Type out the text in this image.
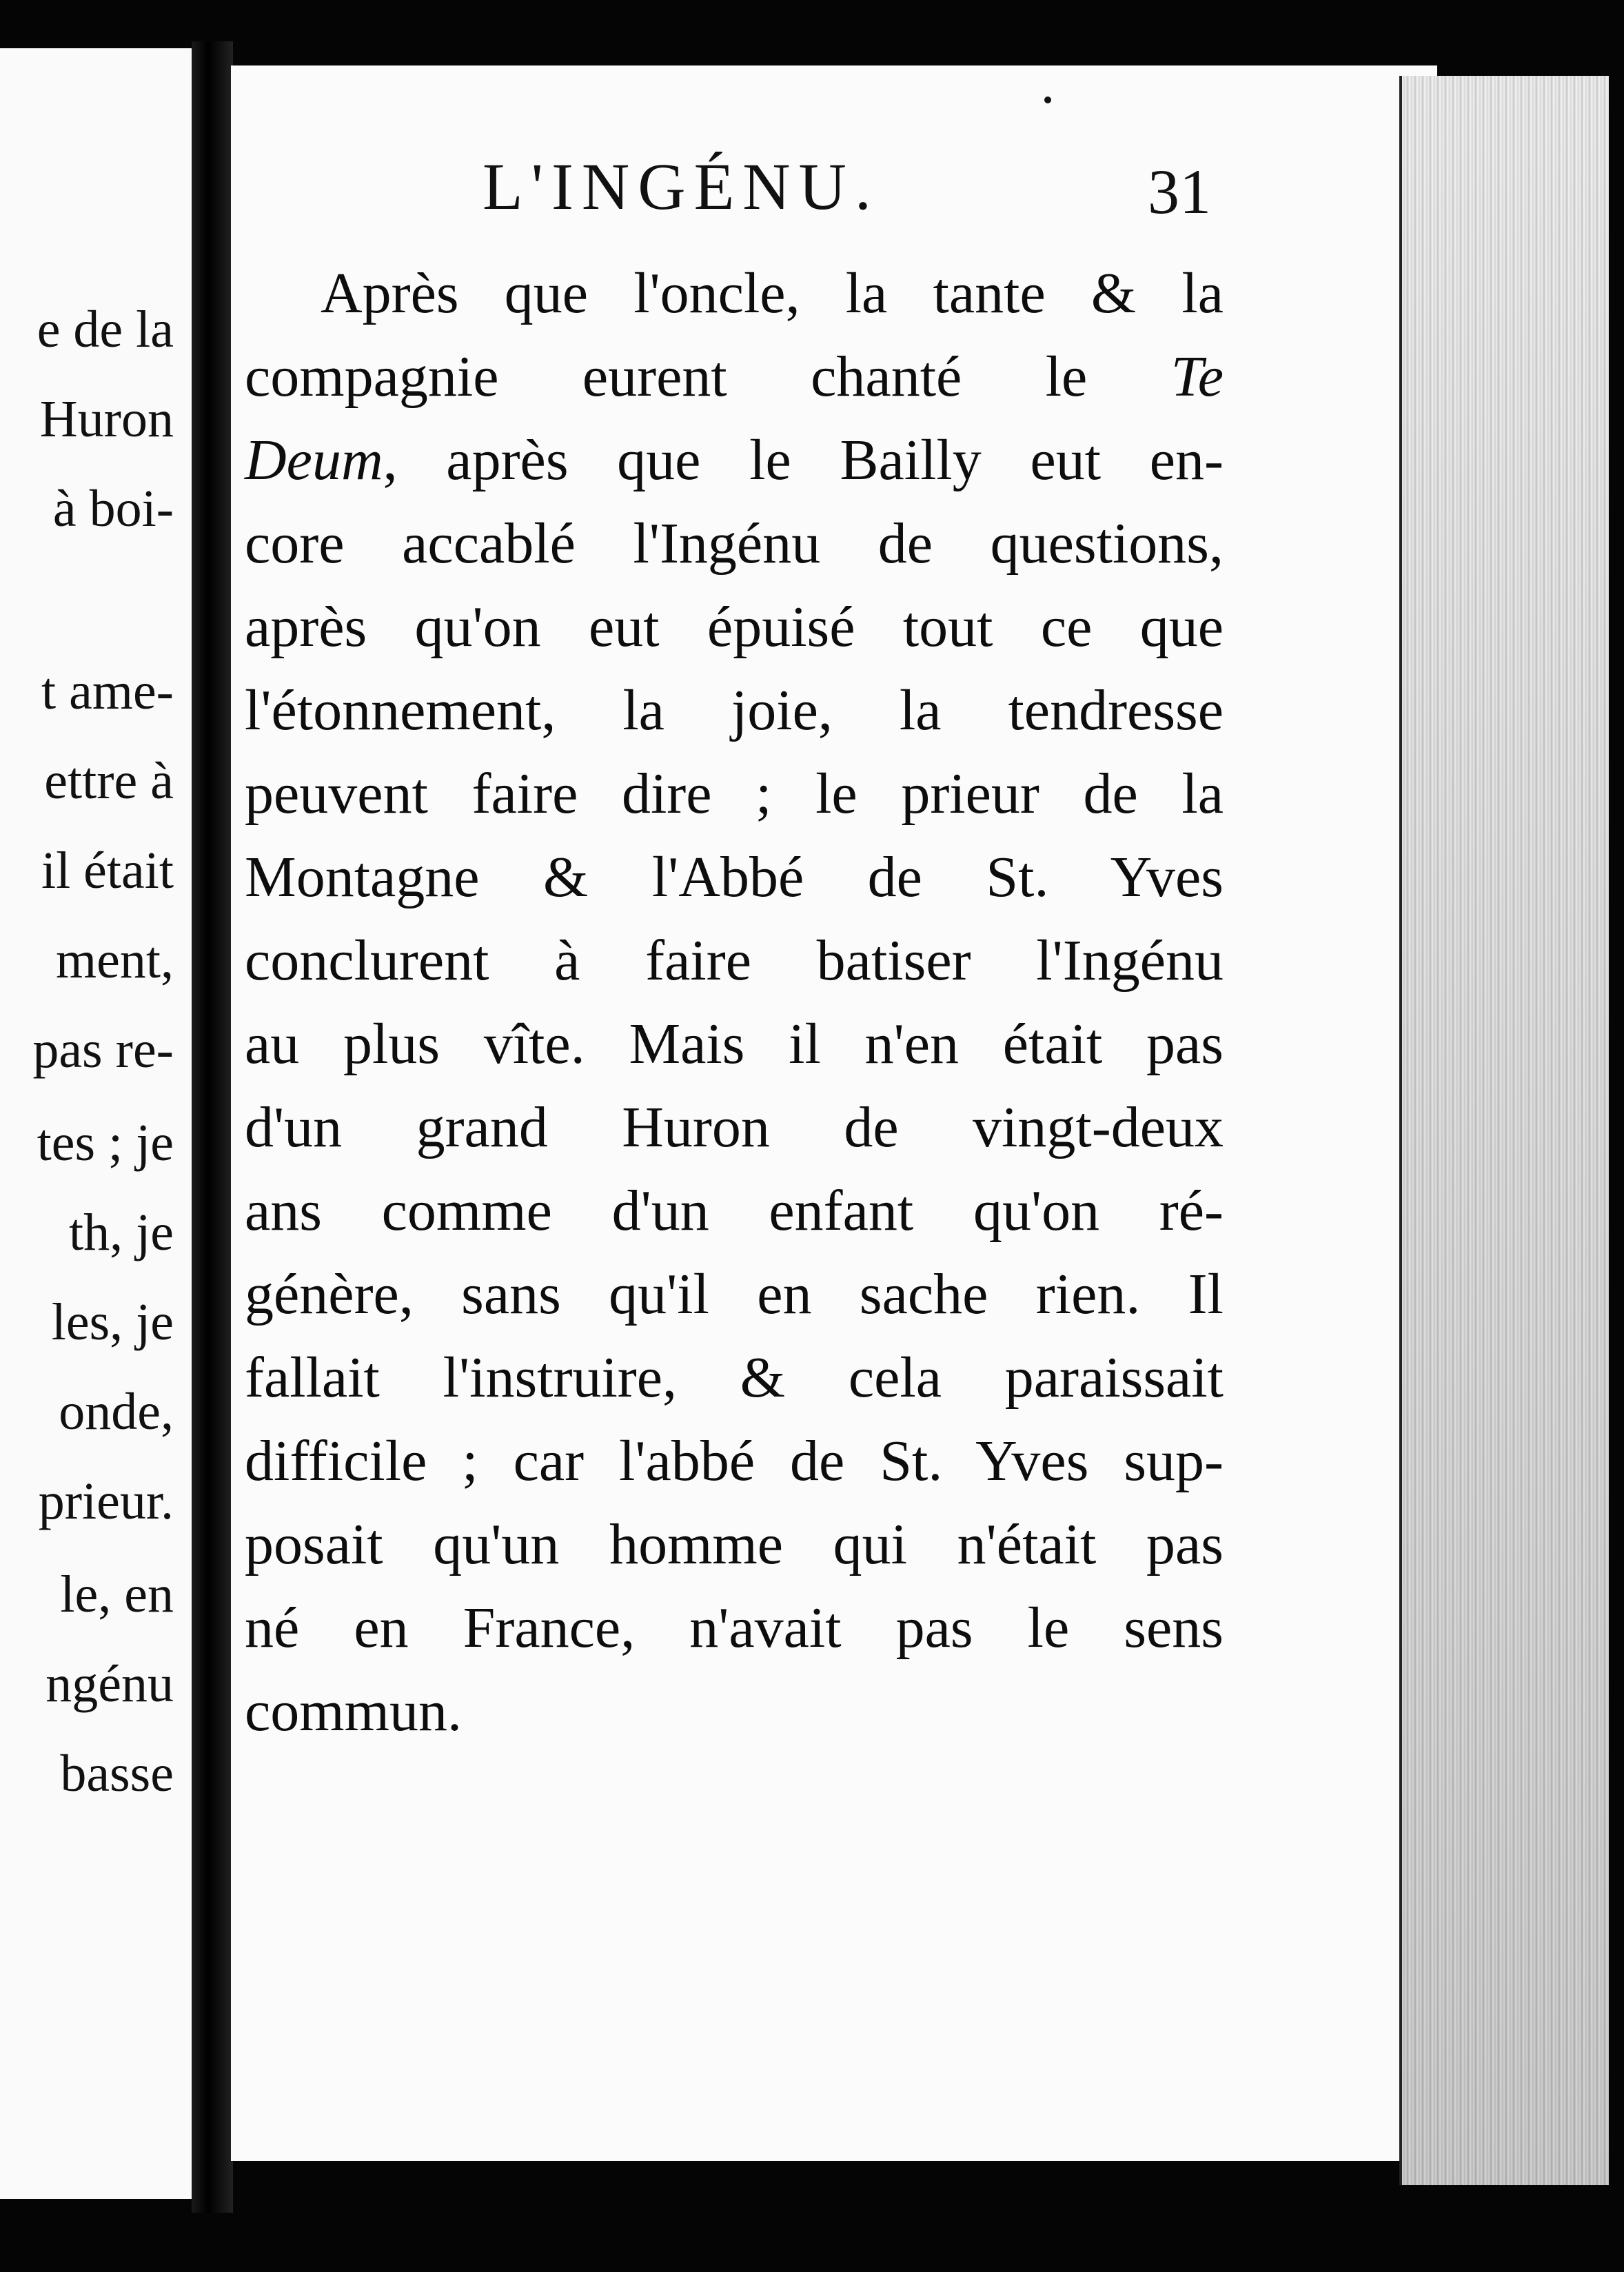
e de la
Huron
à boi-
t ame-
ettre à
il était
ment,
pas re-
tes ; je
th, je
les, je
onde,
prieur.
le, en
ngénu
basse
L'INGÉNU.	31
Après que l'oncle, la tante & la
compagnie eurent chanté le Te
Deum, après que le Bailly eut en-
core accablé l'Ingénu de questions,
après qu'on eut épuisé tout ce que
l'étonnement, la joie, la tendresse
peuvent faire dire ; le prieur de la
Montagne & l'Abbé de St. Yves
conclurent à faire batiser l'Ingénu
au plus vîte. Mais il n'en était pas
d'un grand Huron de vingt-deux
ans comme d'un enfant qu'on ré-
génère, sans qu'il en sache rien. Il
fallait l'instruire, & cela paraissait
difficile ; car l'abbé de St. Yves sup-
posait qu'un homme qui n'était pas
né en France, n'avait pas le sens
commun.
